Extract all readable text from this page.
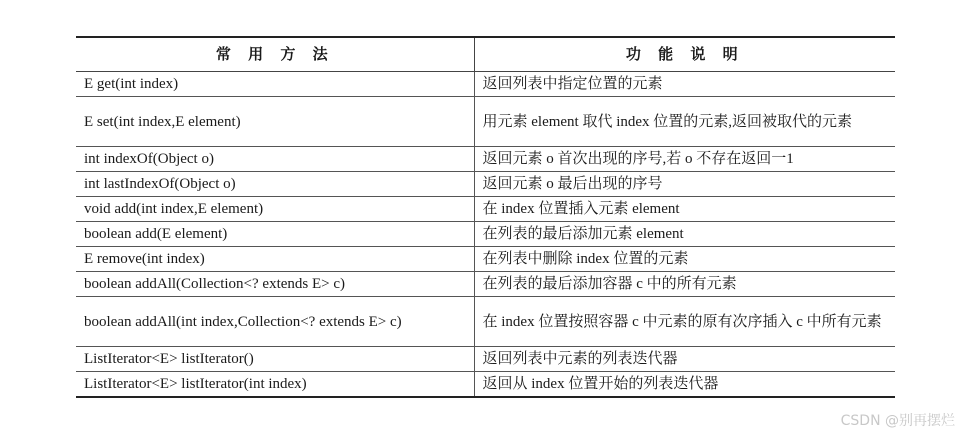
常 用 方 法	功 能 说 明
E get(int index)	返回列表中指定位置的元素
E set(int index,E element)	用元素 element 取代 index 位置的元素,返回被取代的元素
int indexOf(Object o)	返回元素 o 首次出现的序号,若 o 不存在返回一1
int lastIndexOf(Object o)	返回元素 o 最后出现的序号
void add(int index,E element)	在 index 位置插入元素 element
boolean add(E element)	在列表的最后添加元素 element
E remove(int index)	在列表中删除 index 位置的元素
boolean addAll(Collection<? extends E> c)	在列表的最后添加容器 c 中的所有元素
boolean addAll(int index,Collection<? extends E> c)	在 index 位置按照容器 c 中元素的原有次序插入 c 中所有元素
ListIterator<E> listIterator()	返回列表中元素的列表迭代器
ListIterator<E> listIterator(int index)	返回从 index 位置开始的列表迭代器
CSDN @别再摆烂
